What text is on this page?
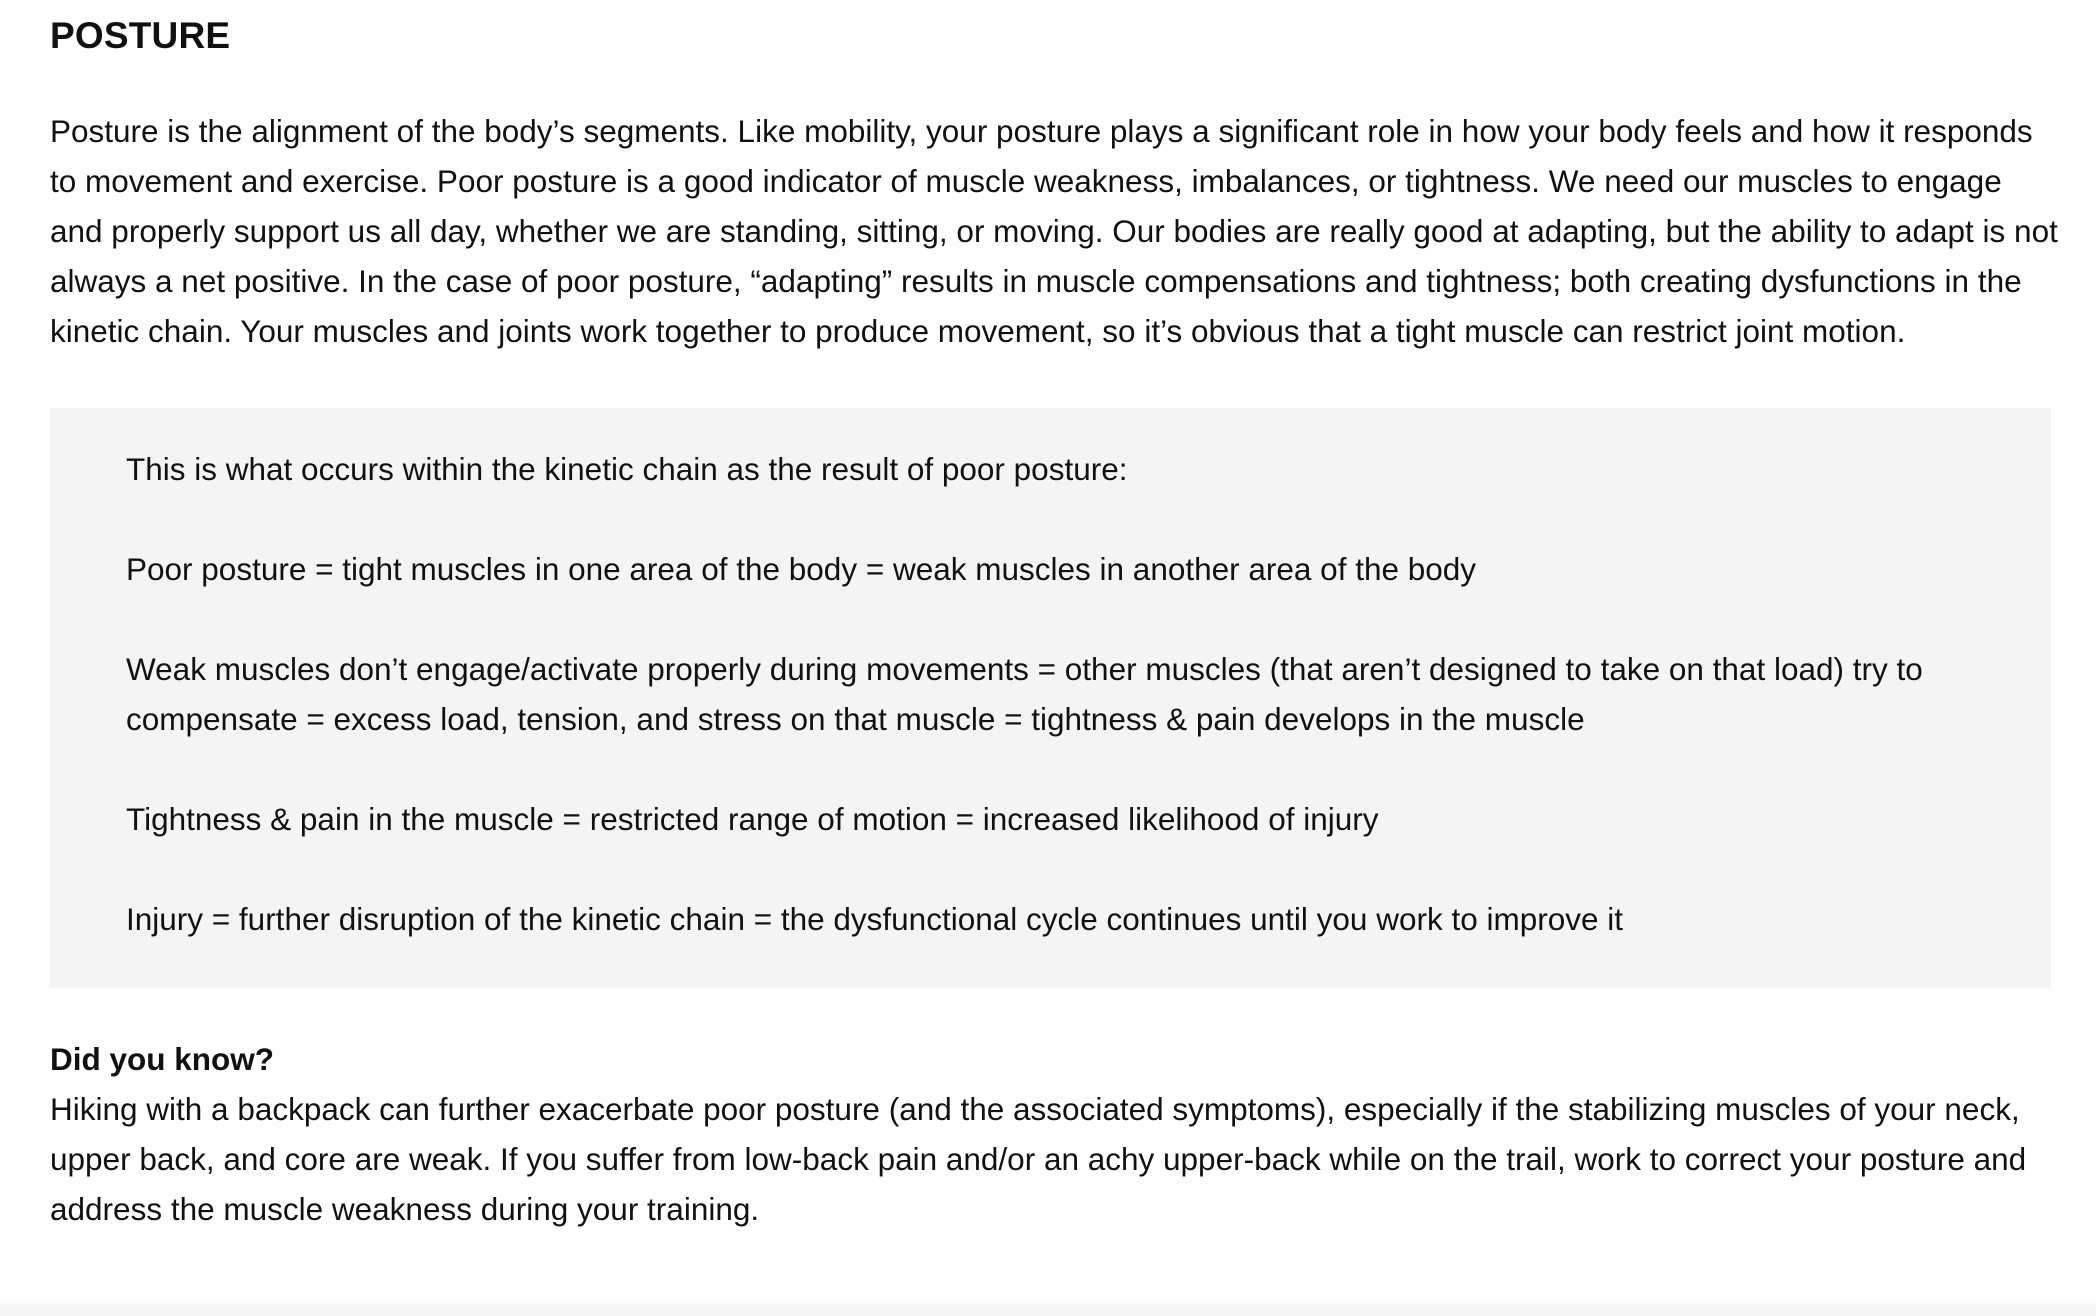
POSTURE

Posture is the alignment of the body’s segments. Like mobility, your posture plays a significant role in how your body feels and how it responds to movement and exercise. Poor posture is a good indicator of muscle weakness, imbalances, or tightness. We need our muscles to engage and properly support us all day, whether we are standing, sitting, or moving. Our bodies are really good at adapting, but the ability to adapt is not always a net positive. In the case of poor posture, “adapting” results in muscle compensations and tightness; both creating dysfunctions in the kinetic chain. Your muscles and joints work together to produce movement, so it’s obvious that a tight muscle can restrict joint motion.

This is what occurs within the kinetic chain as the result of poor posture:

Poor posture = tight muscles in one area of the body = weak muscles in another area of the body

Weak muscles don’t engage/activate properly during movements = other muscles (that aren’t designed to take on that load) try to compensate = excess load, tension, and stress on that muscle = tightness & pain develops in the muscle

Tightness & pain in the muscle = restricted range of motion = increased likelihood of injury

Injury = further disruption of the kinetic chain = the dysfunctional cycle continues until you work to improve it

Did you know?

Hiking with a backpack can further exacerbate poor posture (and the associated symptoms), especially if the stabilizing muscles of your neck, upper back, and core are weak. If you suffer from low-back pain and/or an achy upper-back while on the trail, work to correct your posture and address the muscle weakness during your training.
